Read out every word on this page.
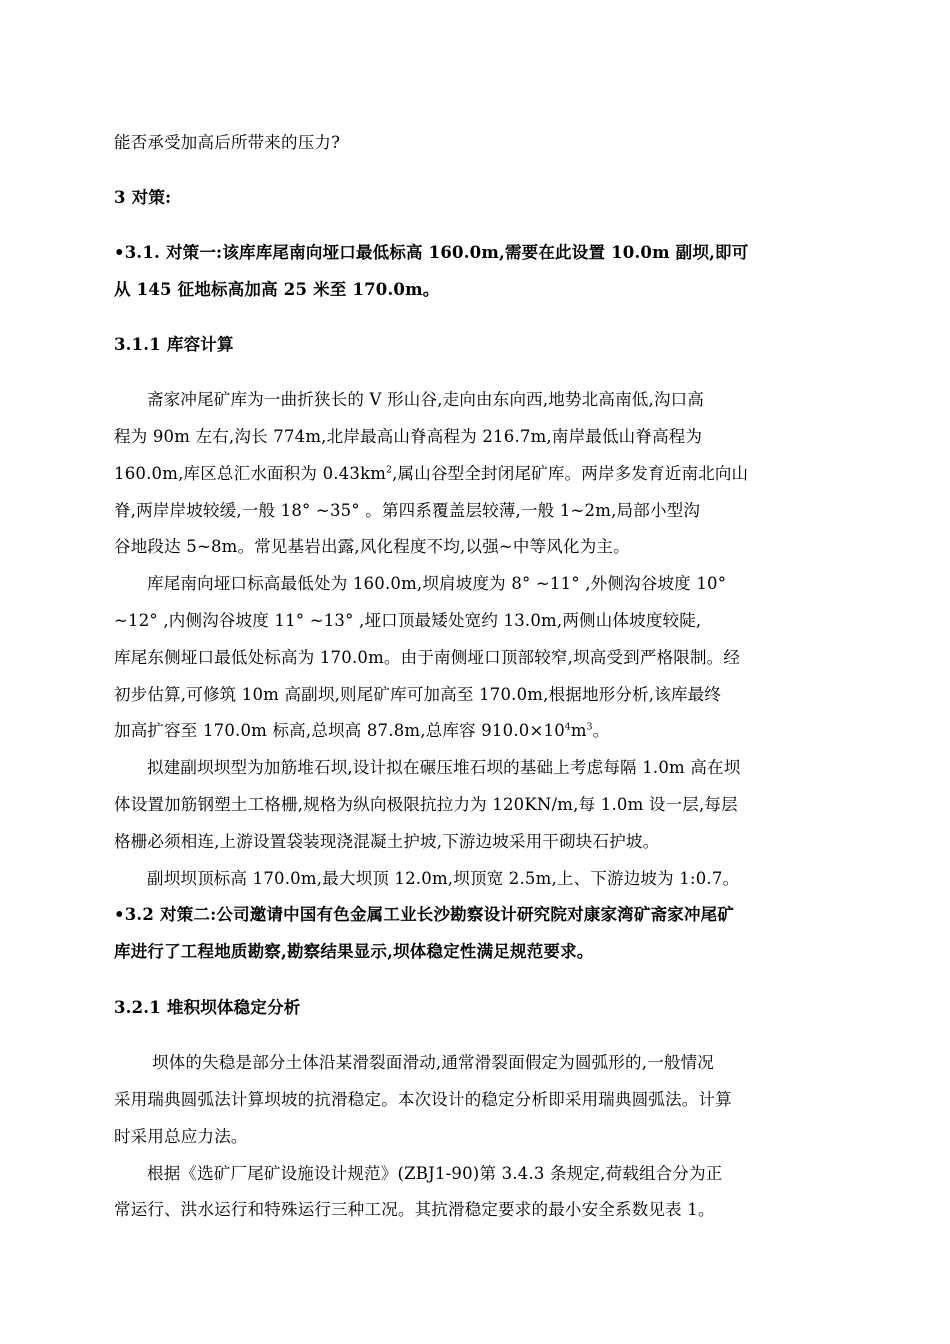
能否承受加高后所带来的压力?
3 对策:
•3.1. 对策一:该库库尾南向垭口最低标高 160.0m,需要在此设置 10.0m 副坝,即可
从 145 征地标高加高 25 米至 170.0m。
3.1.1 库容计算
斋家冲尾矿库为一曲折狭长的 V 形山谷,走向由东向西,地势北高南低,沟口高
程为 90m 左右,沟长 774m,北岸最高山脊高程为 216.7m,南岸最低山脊高程为
160.0m,库区总汇水面积为 $0.43km^2$,属山谷型全封闭尾矿库。两岸多发育近南北向山
脊,两岸岸坡较缓,一般 18° ~35° 。第四系覆盖层较薄,一般 1~2m,局部小型沟
谷地段达 5~8m。常见基岩出露,风化程度不均,以强~中等风化为主。
库尾南向垭口标高最低处为 160.0m,坝肩坡度为 8° ~11° ,外侧沟谷坡度 10°
~12° ,内侧沟谷坡度 11° ~13° ,垭口顶最矮处宽约 13.0m,两侧山体坡度较陡,
库尾东侧垭口最低处标高为 170.0m。由于南侧垭口顶部较窄,坝高受到严格限制。经
初步估算,可修筑 10m 高副坝,则尾矿库可加高至 170.0m,根据地形分析,该库最终
加高扩容至 170.0m 标高,总坝高 87.8m,总库容 $910.0\times 10^4m^3$。
拟建副坝坝型为加筋堆石坝,设计拟在碾压堆石坝的基础上考虑每隔 1.0m 高在坝
体设置加筋钢塑土工格栅,规格为纵向极限抗拉力为 120KN/m,每 1.0m 设一层,每层
格栅必须相连,上游设置袋装现浇混凝土护坡,下游边坡采用干砌块石护坡。
副坝坝顶标高 170.0m,最大坝顶 12.0m,坝顶宽 2.5m,上、下游边坡为 1:0.7。
•3.2 对策二:公司邀请中国有色金属工业长沙勘察设计研究院对康家湾矿斋家冲尾矿
库进行了工程地质勘察,勘察结果显示,坝体稳定性满足规范要求。
3.2.1 堆积坝体稳定分析
坝体的失稳是部分土体沿某滑裂面滑动,通常滑裂面假定为圆弧形的,一般情况
采用瑞典圆弧法计算坝坡的抗滑稳定。本次设计的稳定分析即采用瑞典圆弧法。计算
时采用总应力法。
根据《选矿厂尾矿设施设计规范》(ZBJ1-90)第 3.4.3 条规定,荷载组合分为正
常运行、洪水运行和特殊运行三种工况。其抗滑稳定要求的最小安全系数见表 1。
